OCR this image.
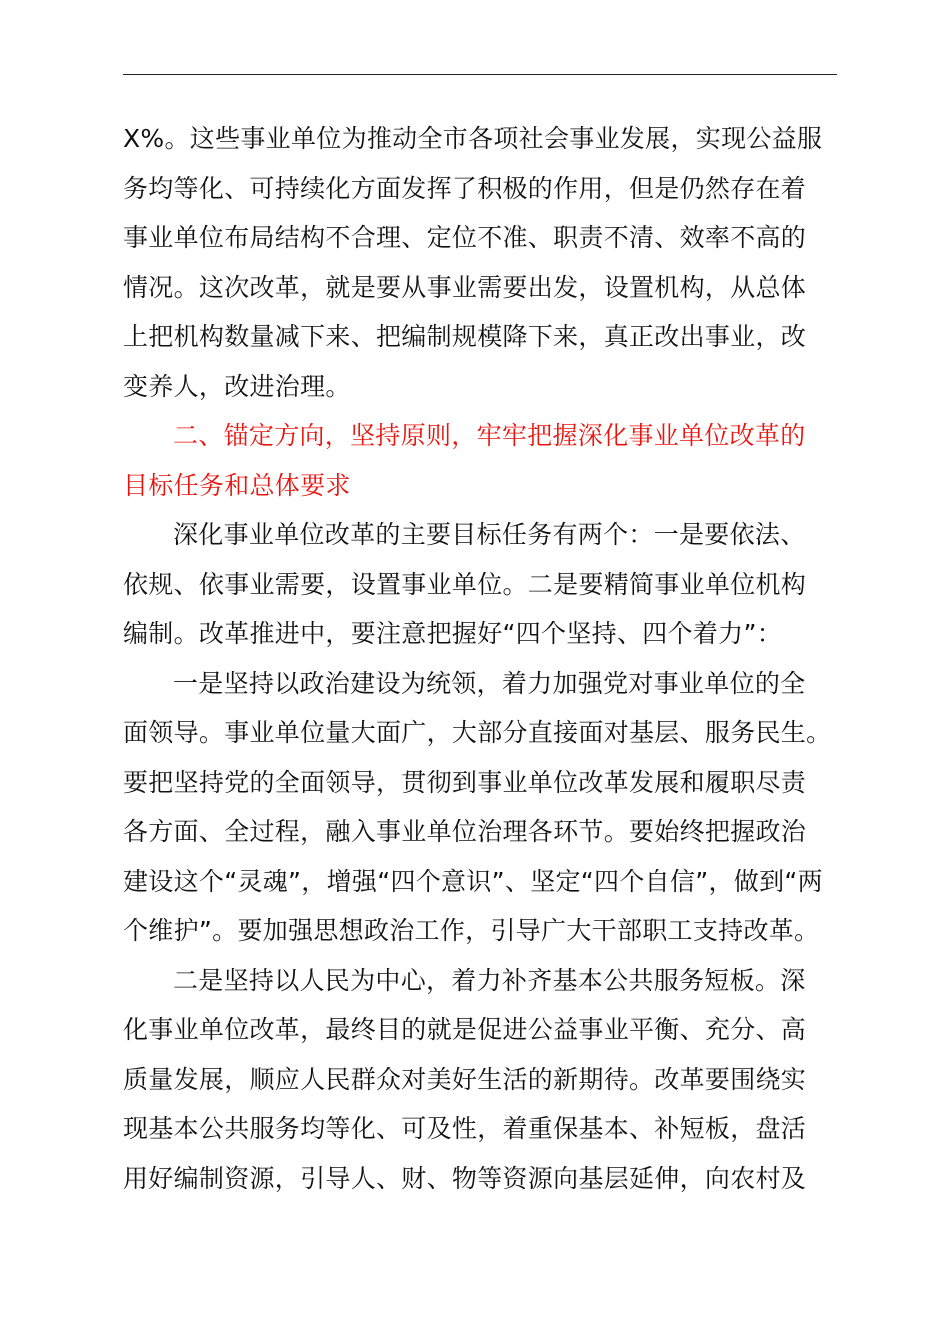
X%。这些事业单位为推动全市各项社会事业发展，实现公益服
务均等化、可持续化方面发挥了积极的作用，但是仍然存在着
事业单位布局结构不合理、定位不准、职责不清、效率不高的
情况。这次改革，就是要从事业需要出发，设置机构，从总体
上把机构数量减下来、把编制规模降下来，真正改出事业，改
变养人，改进治理。
二、锚定方向，坚持原则，牢牢把握深化事业单位改革的
目标任务和总体要求
深化事业单位改革的主要目标任务有两个：一是要依法、
依规、依事业需要，设置事业单位。二是要精简事业单位机构
编制。改革推进中，要注意把握好“四个坚持、四个着力”：
一是坚持以政治建设为统领，着力加强党对事业单位的全
面领导。事业单位量大面广，大部分直接面对基层、服务民生。
要把坚持党的全面领导，贯彻到事业单位改革发展和履职尽责
各方面、全过程，融入事业单位治理各环节。要始终把握政治
建设这个“灵魂”，增强“四个意识”、坚定“四个自信”，做到“两
个维护”。要加强思想政治工作，引导广大干部职工支持改革。
二是坚持以人民为中心，着力补齐基本公共服务短板。深
化事业单位改革，最终目的就是促进公益事业平衡、充分、高
质量发展，顺应人民群众对美好生活的新期待。改革要围绕实
现基本公共服务均等化、可及性，着重保基本、补短板，盘活
用好编制资源，引导人、财、物等资源向基层延伸，向农村及
